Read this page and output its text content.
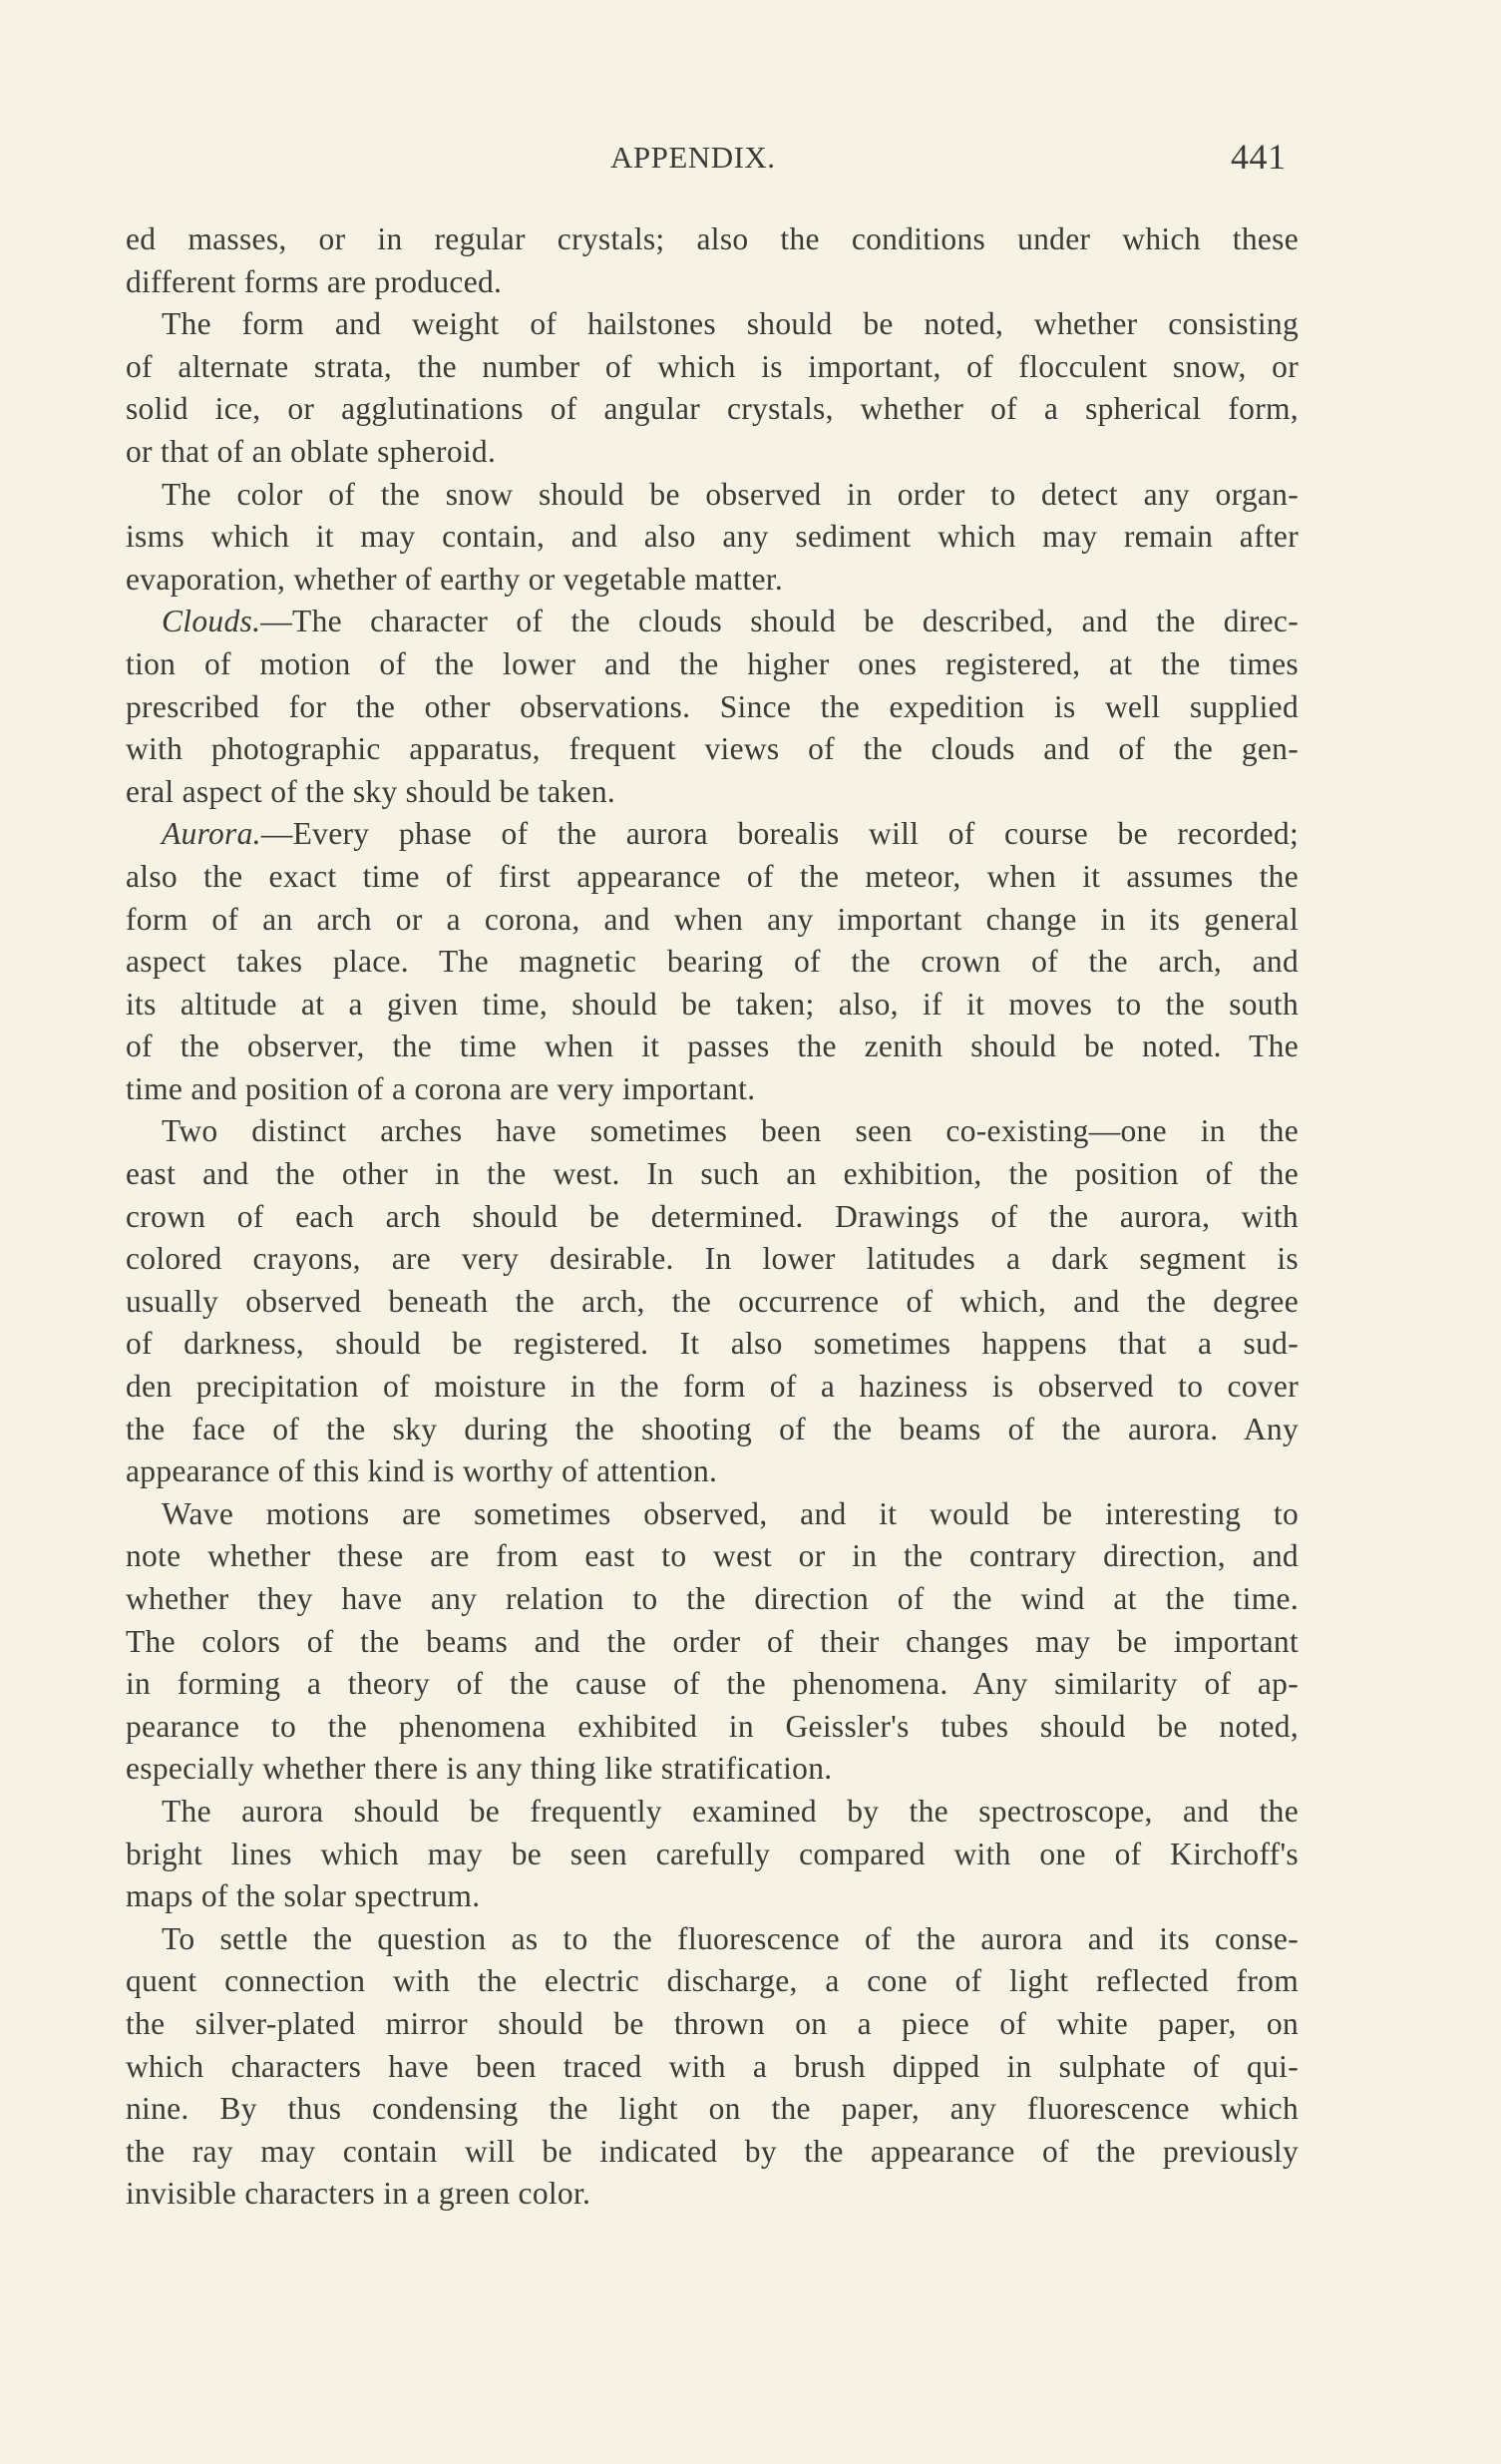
APPENDIX.	441
ed masses, or in regular crystals; also the conditions under which these
different forms are produced.
The form and weight of hailstones should be noted, whether consisting
of alternate strata, the number of which is important, of flocculent snow, or
solid ice, or agglutinations of angular crystals, whether of a spherical form,
or that of an oblate spheroid.
The color of the snow should be observed in order to detect any organ-
isms which it may contain, and also any sediment which may remain after
evaporation, whether of earthy or vegetable matter.
Clouds.—The character of the clouds should be described, and the direc-
tion of motion of the lower and the higher ones registered, at the times
prescribed for the other observations. Since the expedition is well supplied
with photographic apparatus, frequent views of the clouds and of the gen-
eral aspect of the sky should be taken.
Aurora.—Every phase of the aurora borealis will of course be recorded;
also the exact time of first appearance of the meteor, when it assumes the
form of an arch or a corona, and when any important change in its general
aspect takes place. The magnetic bearing of the crown of the arch, and
its altitude at a given time, should be taken; also, if it moves to the south
of the observer, the time when it passes the zenith should be noted. The
time and position of a corona are very important.
Two distinct arches have sometimes been seen co-existing—one in the
east and the other in the west. In such an exhibition, the position of the
crown of each arch should be determined. Drawings of the aurora, with
colored crayons, are very desirable. In lower latitudes a dark segment is
usually observed beneath the arch, the occurrence of which, and the degree
of darkness, should be registered. It also sometimes happens that a sud-
den precipitation of moisture in the form of a haziness is observed to cover
the face of the sky during the shooting of the beams of the aurora. Any
appearance of this kind is worthy of attention.
Wave motions are sometimes observed, and it would be interesting to
note whether these are from east to west or in the contrary direction, and
whether they have any relation to the direction of the wind at the time.
The colors of the beams and the order of their changes may be important
in forming a theory of the cause of the phenomena. Any similarity of ap-
pearance to the phenomena exhibited in Geissler's tubes should be noted,
especially whether there is any thing like stratification.
The aurora should be frequently examined by the spectroscope, and the
bright lines which may be seen carefully compared with one of Kirchoff's
maps of the solar spectrum.
To settle the question as to the fluorescence of the aurora and its conse-
quent connection with the electric discharge, a cone of light reflected from
the silver-plated mirror should be thrown on a piece of white paper, on
which characters have been traced with a brush dipped in sulphate of qui-
nine. By thus condensing the light on the paper, any fluorescence which
the ray may contain will be indicated by the appearance of the previously
invisible characters in a green color.
